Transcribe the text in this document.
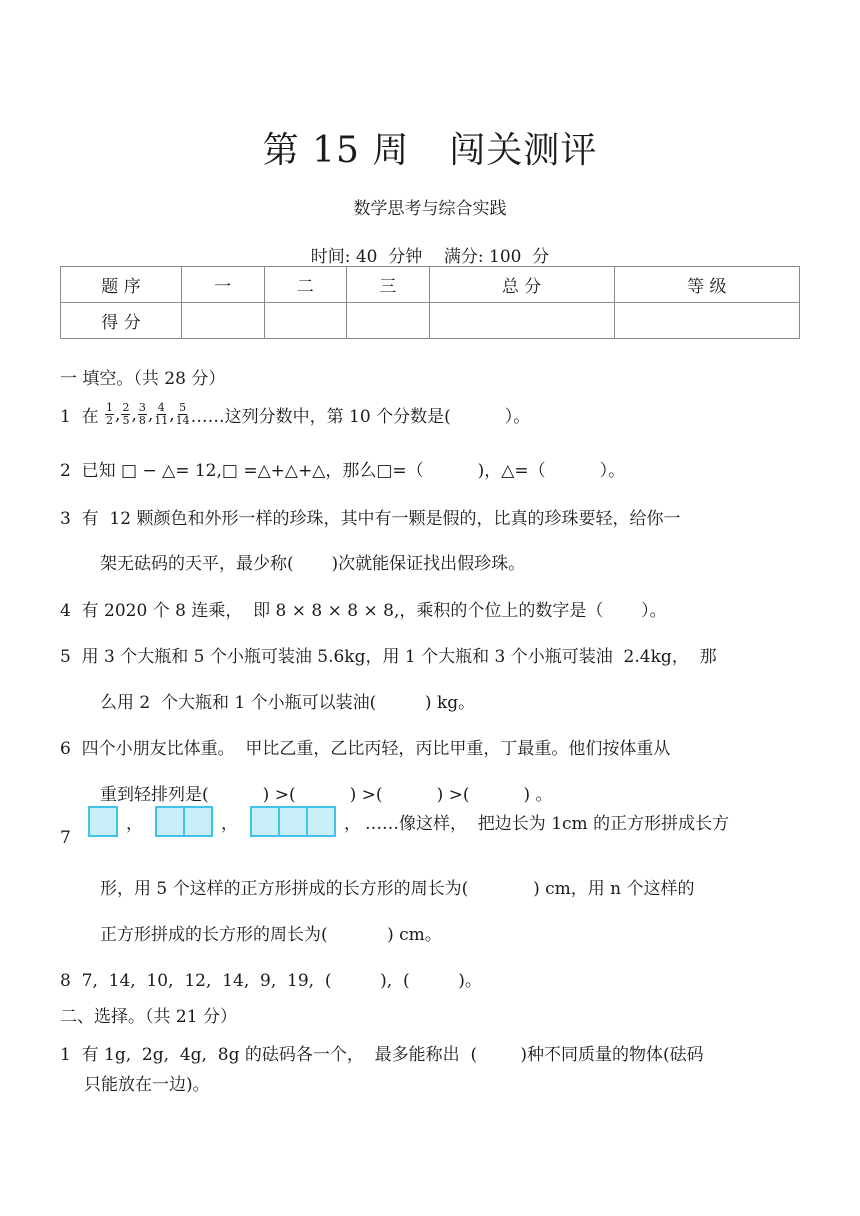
第 15 周 闯关测评
数学思考与综合实践
时间: 40  分钟    满分: 100  分
题 序	一	二	三	总 分	等 级
得 分					
一 填空。（共 28 分）
1  在 $\frac{1}{2}$ , $\frac{2}{5}$ , $\frac{3}{8}$ , $\frac{4}{11}$ , $\frac{5}{14}$ ……这列分数中，第 10 个分数是(          ）。
2  已知 □ − △= 12,□ =△+△+△，那么□=（          )，△=（          ）。
3  有  12 颗颜色和外形一样的珍珠，其中有一颗是假的，比真的珍珠要轻，给你一
架无砝码的天平，最少称(       )次就能保证找出假珍珠。
4  有 2020 个 8 连乘，  即 8 × 8 × 8 × 8,，乘积的个位上的数字是（       ）。
5  用 3 个大瓶和 5 个小瓶可装油 5.6kg，用 1 个大瓶和 3 个小瓶可装油  2.4kg，  那
么用 2  个大瓶和 1 个小瓶可以装油(         ) kg。
6  四个小朋友比体重。  甲比乙重，乙比丙轻，丙比甲重，丁最重。他们按体重从
重到轻排列是(          ) >(          ) >(          ) >(          ) 。
7
，	，	， ……像这样，  把边长为 1cm 的正方形拼成长方
形，用 5 个这样的正方形拼成的长方形的周长为(            ) cm，用 n 个这样的
正方形拼成的长方形的周长为(           ) cm。
8  7,  14,  10,  12,  14,  9,  19,  (         ),  (         )。
二、选择。（共 21 分）
1  有 1g,  2g,  4g,  8g 的砝码各一个，  最多能称出  (        )种不同质量的物体(砝码
只能放在一边)。
